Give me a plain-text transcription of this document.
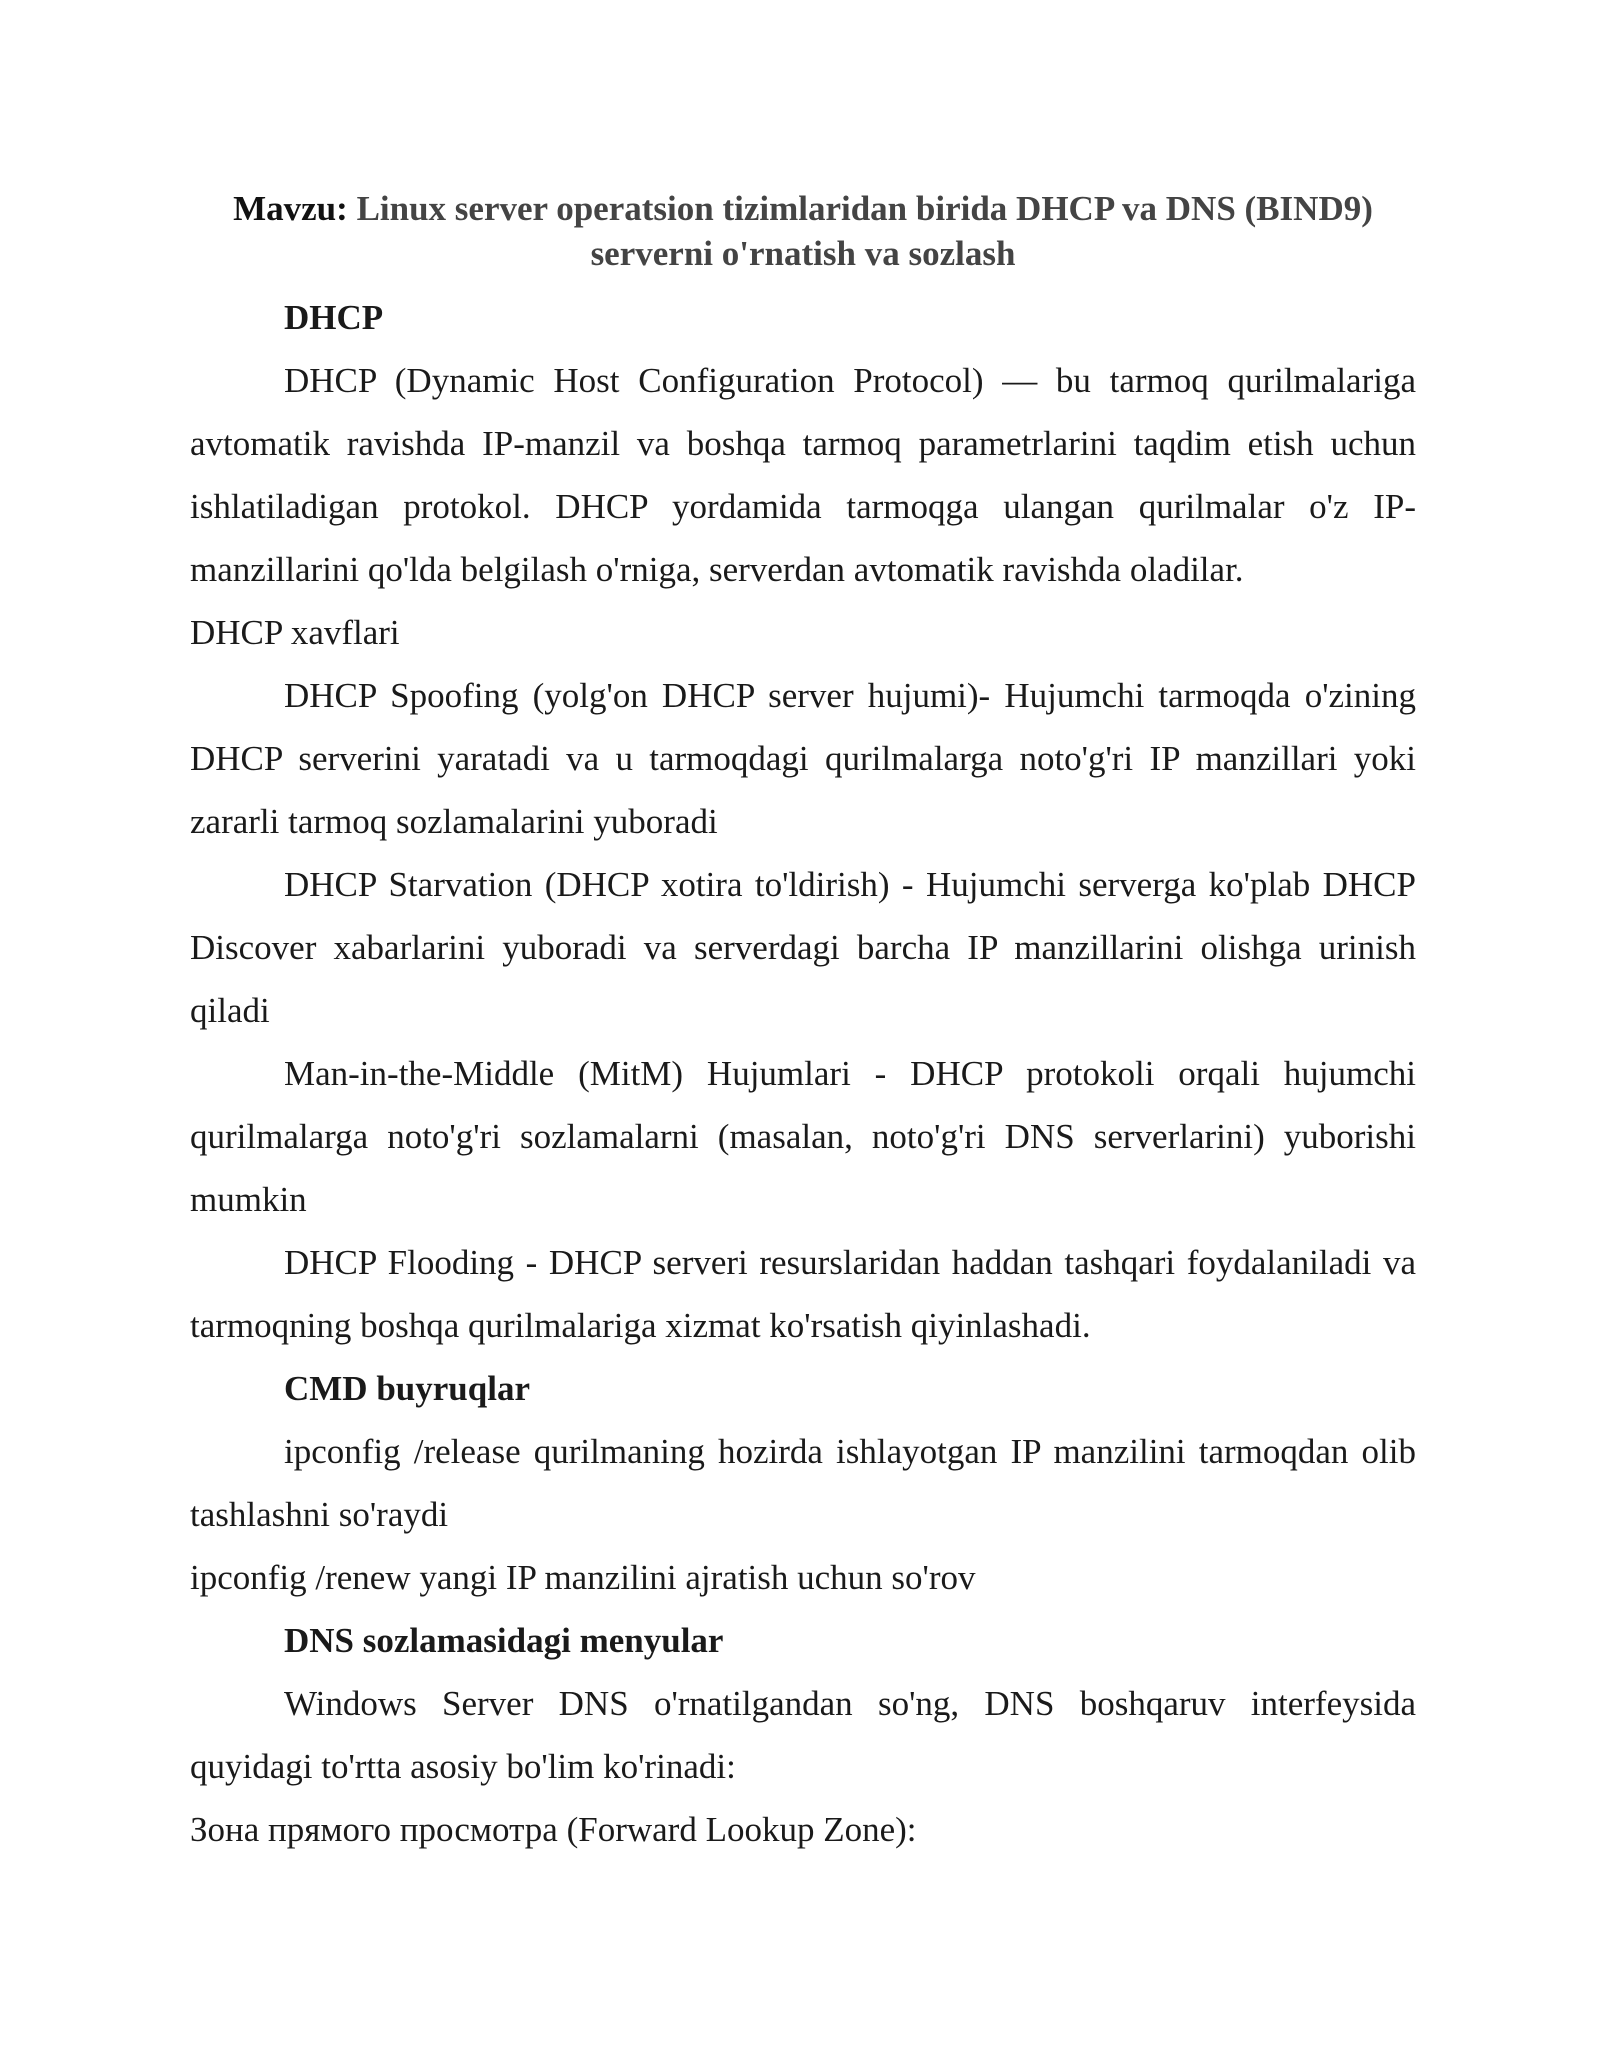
Mavzu: Linux server operatsion tizimlaridan birida DHCP va DNS (BIND9)
serverni o'rnatish va sozlash
DHCP

DHCP (Dynamic Host Configuration Protocol) — bu tarmoq qurilmalariga avtomatik ravishda IP-manzil va boshqa tarmoq parametrlarini taqdim etish uchun ishlatiladigan protokol. DHCP yordamida tarmoqga ulangan qurilmalar o'z IP-manzillarini qo'lda belgilash o'rniga, serverdan avtomatik ravishda oladilar.

DHCP xavflari

DHCP Spoofing (yolg'on DHCP server hujumi)- Hujumchi tarmoqda o'zining DHCP serverini yaratadi va u tarmoqdagi qurilmalarga noto'g'ri IP manzillari yoki zararli tarmoq sozlamalarini yuboradi

DHCP Starvation (DHCP xotira to'ldirish) - Hujumchi serverga ko'plab DHCP Discover xabarlarini yuboradi va serverdagi barcha IP manzillarini olishga urinish qiladi

Man-in-the-Middle (MitM) Hujumlari - DHCP protokoli orqali hujumchi qurilmalarga noto'g'ri sozlamalarni (masalan, noto'g'ri DNS serverlarini) yuborishi mumkin

DHCP Flooding - DHCP serveri resurslaridan haddan tashqari foydalaniladi va tarmoqning boshqa qurilmalariga xizmat ko'rsatish qiyinlashadi.

CMD buyruqlar

ipconfig /release qurilmaning hozirda ishlayotgan IP manzilini tarmoqdan olib tashlashni so'raydi

ipconfig /renew yangi IP manzilini ajratish uchun so'rov

DNS sozlamasidagi menyular

Windows Server DNS o'rnatilgandan so'ng, DNS boshqaruv interfeysida quyidagi to'rtta asosiy bo'lim ko'rinadi:

Зона прямого просмотра (Forward Lookup Zone):
